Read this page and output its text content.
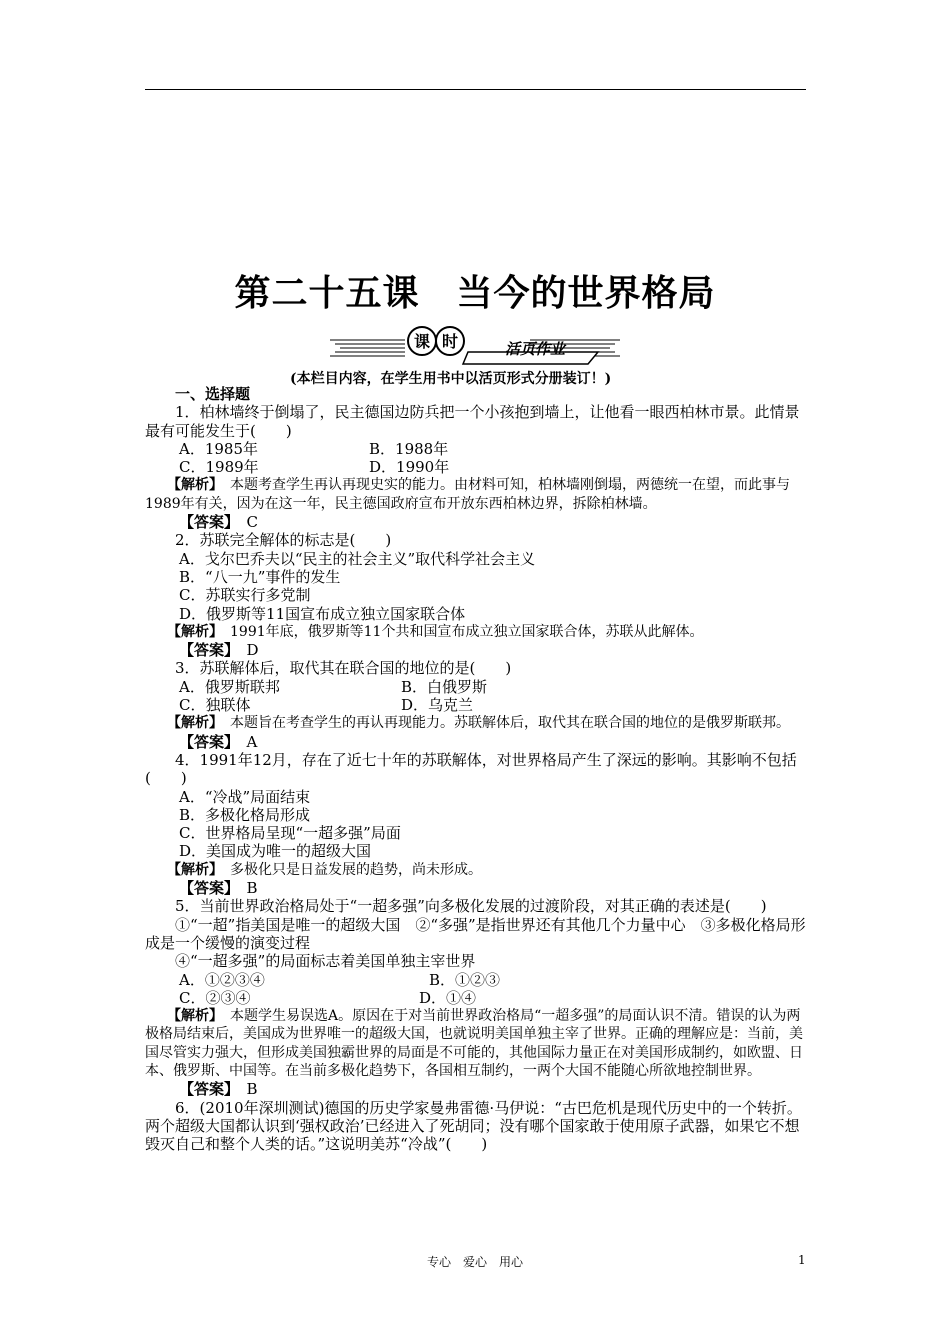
第二十五课　当今的世界格局
课 时	活页作业
(本栏目内容，在学生用书中以活页形式分册装订！)

一、选择题

1．柏林墙终于倒塌了，民主德国边防兵把一个小孩抱到墙上，让他看一眼西柏林市景。此情景最有可能发生于(　　)

A．1985年	B．1988年
C．1989年	D．1990年

【解析】　 本题考查学生再认再现史实的能力。由材料可知，柏林墙刚倒塌，两德统一在望，而此事与1989年有关，因为在这一年，民主德国政府宣布开放东西柏林边界，拆除柏林墙。

【答案】　 C

2．苏联完全解体的标志是(　　)

A．戈尔巴乔夫以“民主的社会主义”取代科学社会主义

B．“八一九”事件的发生

C．苏联实行多党制

D．俄罗斯等11国宣布成立独立国家联合体

【解析】　 1991年底，俄罗斯等11个共和国宣布成立独立国家联合体，苏联从此解体。

【答案】　 D

3．苏联解体后，取代其在联合国的地位的是(　　)

A．俄罗斯联邦	B．白俄罗斯
C．独联体	D．乌克兰

【解析】　 本题旨在考查学生的再认再现能力。苏联解体后，取代其在联合国的地位的是俄罗斯联邦。

【答案】　 A

4．1991年12月，存在了近七十年的苏联解体，对世界格局产生了深远的影响。其影响不包括(　　)

A．“冷战”局面结束

B．多极化格局形成

C．世界格局呈现“一超多强”局面

D．美国成为唯一的超级大国

【解析】　 多极化只是日益发展的趋势，尚未形成。

【答案】　 B

5．当前世界政治格局处于“一超多强”向多极化发展的过渡阶段，对其正确的表述是(　　)

①“一超”指美国是唯一的超级大国　②“多强”是指世界还有其他几个力量中心　③多极化格局形成是一个缓慢的演变过程

④“一超多强”的局面标志着美国单独主宰世界

A．①②③④	B．①②③
C．②③④	D．①④

【解析】　 本题学生易误选A。原因在于对当前世界政治格局“一超多强”的局面认识不清。错误的认为两极格局结束后，美国成为世界唯一的超级大国，也就说明美国单独主宰了世界。正确的理解应是：当前，美国尽管实力强大，但形成美国独霸世界的局面是不可能的，其他国际力量正在对美国形成制约，如欧盟、日本、俄罗斯、中国等。在当前多极化趋势下，各国相互制约，一两个大国不能随心所欲地控制世界。

【答案】　 B

6．(2010年深圳测试)德国的历史学家曼弗雷德·马伊说：“古巴危机是现代历史中的一个转折。两个超级大国都认识到‘强权政治’已经进入了死胡同；没有哪个国家敢于使用原子武器，如果它不想毁灭自己和整个人类的话。”这说明美苏“冷战”(　　)

专心　爱心　用心	1
